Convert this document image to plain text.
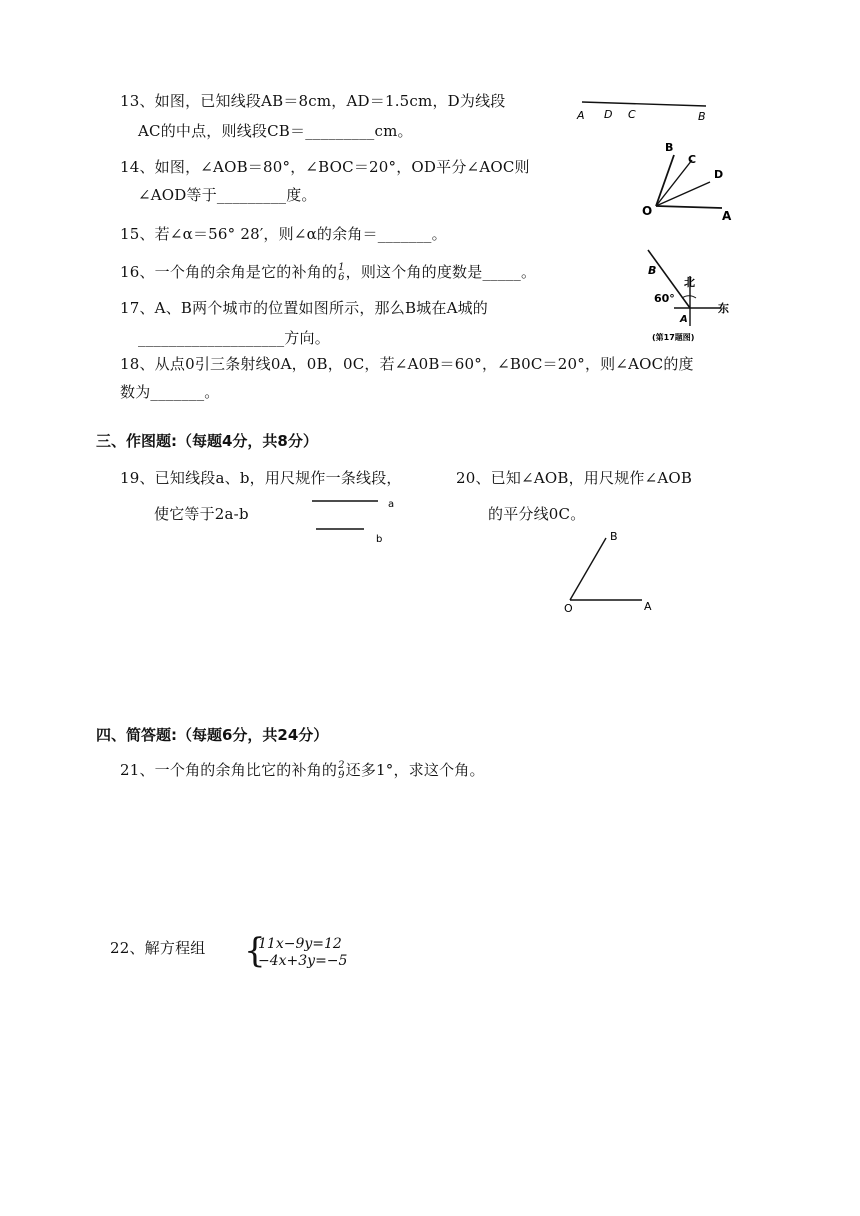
13、如图，已知线段AB＝8cm，AD＝1.5cm，D为线段
AC的中点，则线段CB＝_________cm。
A D C	B
14、如图，∠AOB＝80°，∠BOC＝20°，OD平分∠AOC则
∠AOD等于_________度。
B
C
D
O	A
15、若∠α＝56° 28′，则∠α的余角＝_______。
16、一个角的余角是它的补角的 1
6 ，则这个角的度数是_____。
17、A、B两个城市的位置如图所示，那么B城在A城的
___________________方向。
B
北
60°
东
A
(第17题图)
18、从点0引三条射线0A，0B，0C，若∠A0B＝60°，∠B0C＝20°，则∠AOC的度
数为_______。
三、作图题:（每题4分，共8分）
19、已知线段a、b，用尺规作一条线段，
使它等于2a-b
a
b
20、已知∠AOB，用尺规作∠AOB
的平分线0C。
B
O	A
四、简答题:（每题6分，共24分）
21、一个角的余角比它的补角的 2
9 还多1°，求这个角。
22、解方程组 {
11x−9y=12
−4x+3y=−5
